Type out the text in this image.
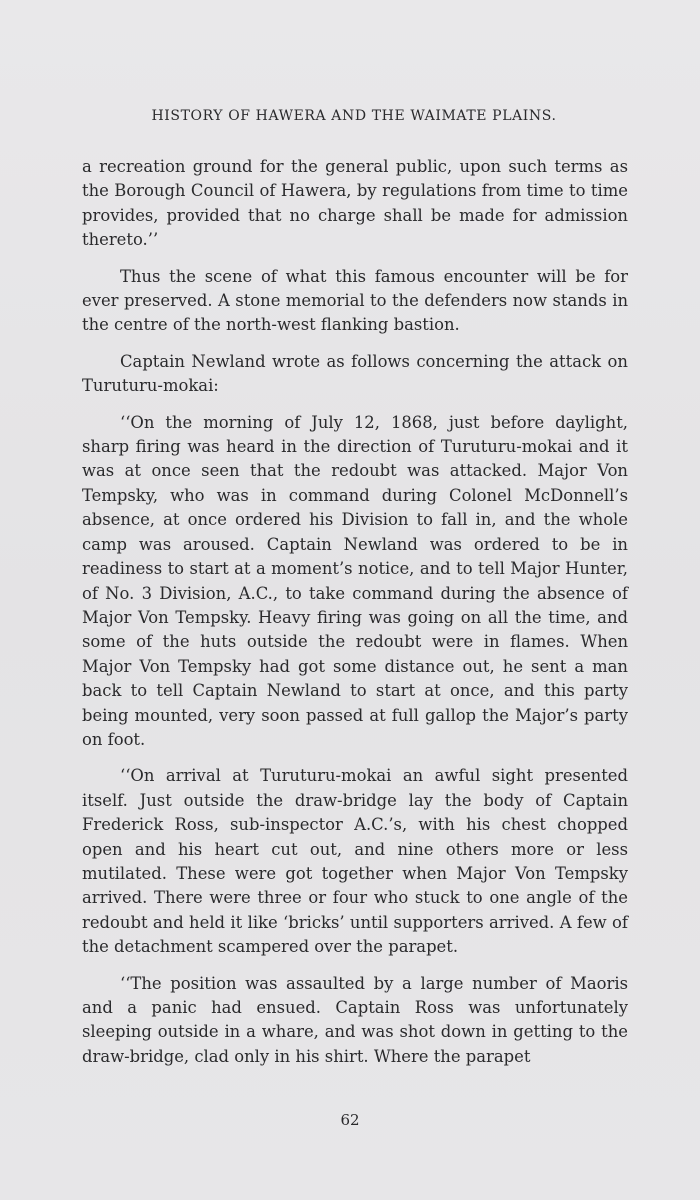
HISTORY OF HAWERA AND THE WAIMATE PLAINS.

a recreation ground for the general public, upon such terms as the Borough Council of Hawera, by regulations from time to time provides, provided that no charge shall be made for admission thereto.’’

Thus the scene of what this famous encounter will be for ever preserved. A stone memorial to the defenders now stands in the centre of the north-west flanking bastion.

Captain Newland wrote as follows concerning the attack on Turuturu-mokai:

‘‘On the morning of July 12, 1868, just before daylight, sharp firing was heard in the direction of Turuturu-mokai and it was at once seen that the redoubt was attacked. Major Von Tempsky, who was in command during Colonel McDonnell’s absence, at once ordered his Division to fall in, and the whole camp was aroused. Captain Newland was ordered to be in readiness to start at a moment’s notice, and to tell Major Hunter, of No. 3 Division, A.C., to take command during the absence of Major Von Tempsky. Heavy firing was going on all the time, and some of the huts outside the redoubt were in flames. When Major Von Tempsky had got some distance out, he sent a man back to tell Captain Newland to start at once, and this party being mounted, very soon passed at full gallop the Major’s party on foot.

‘‘On arrival at Turuturu-mokai an awful sight presented itself. Just outside the draw-bridge lay the body of Captain Frederick Ross, sub-inspector A.C.’s, with his chest chopped open and his heart cut out, and nine others more or less mutilated. These were got together when Major Von Tempsky arrived. There were three or four who stuck to one angle of the redoubt and held it like ‘bricks’ until supporters arrived. A few of the detachment scampered over the parapet.

‘‘The position was assaulted by a large number of Maoris and a panic had ensued. Captain Ross was unfortunately sleeping outside in a whare, and was shot down in getting to the draw-bridge, clad only in his shirt. Where the parapet

62
